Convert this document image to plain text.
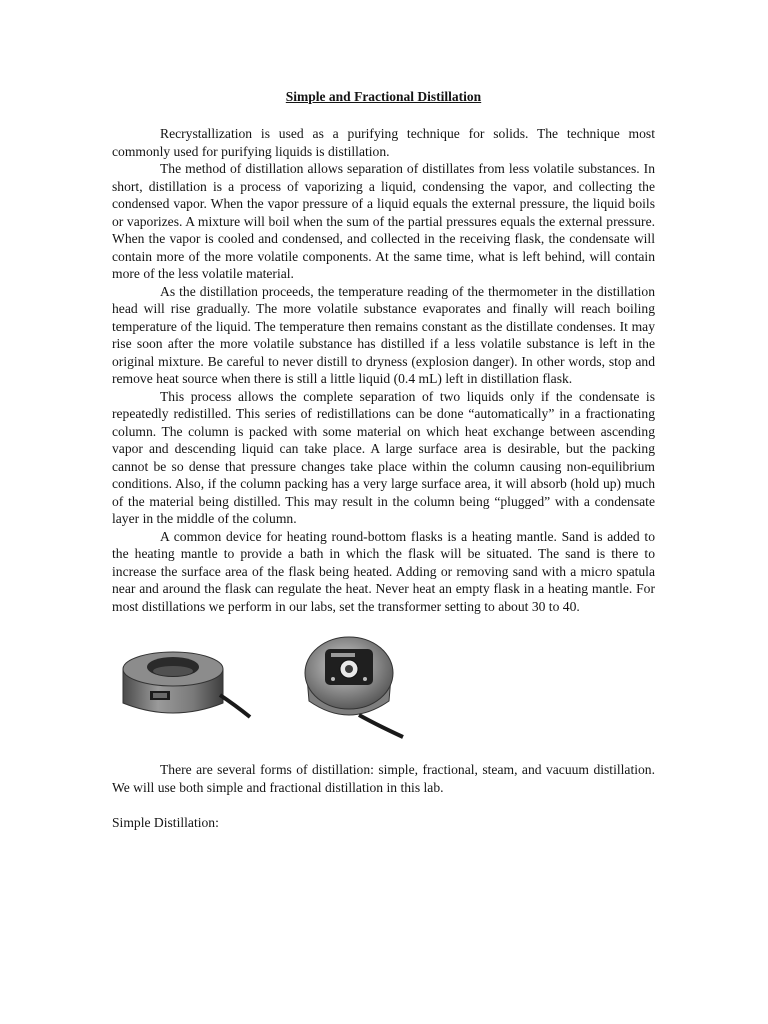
Simple and Fractional Distillation

Recrystallization is used as a purifying technique for solids. The technique most commonly used for purifying liquids is distillation.

The method of distillation allows separation of distillates from less volatile substances. In short, distillation is a process of vaporizing a liquid, condensing the vapor, and collecting the condensed vapor. When the vapor pressure of a liquid equals the external pressure, the liquid boils or vaporizes. A mixture will boil when the sum of the partial pressures equals the external pressure. When the vapor is cooled and condensed, and collected in the receiving flask, the condensate will contain more of the more volatile components. At the same time, what is left behind, will contain more of the less volatile material.

As the distillation proceeds, the temperature reading of the thermometer in the distillation head will rise gradually. The more volatile substance evaporates and finally will reach boiling temperature of the liquid. The temperature then remains constant as the distillate condenses. It may rise soon after the more volatile substance has distilled if a less volatile substance is left in the original mixture. Be careful to never distill to dryness (explosion danger). In other words, stop and remove heat source when there is still a little liquid (0.4 mL) left in distillation flask.

This process allows the complete separation of two liquids only if the condensate is repeatedly redistilled. This series of redistillations can be done “automatically” in a fractionating column. The column is packed with some material on which heat exchange between ascending vapor and descending liquid can take place. A large surface area is desirable, but the packing cannot be so dense that pressure changes take place within the column causing non-equilibrium conditions. Also, if the column packing has a very large surface area, it will absorb (hold up) much of the material being distilled. This may result in the column being “plugged” with a condensate layer in the middle of the column.

A common device for heating round-bottom flasks is a heating mantle. Sand is added to the heating mantle to provide a bath in which the flask will be situated. The sand is there to increase the surface area of the flask being heated. Adding or removing sand with a micro spatula near and around the flask can regulate the heat. Never heat an empty flask in a heating mantle. For most distillations we perform in our labs, set the transformer setting to about 30 to 40.

There are several forms of distillation: simple, fractional, steam, and vacuum distillation. We will use both simple and fractional distillation in this lab.

Simple Distillation:
